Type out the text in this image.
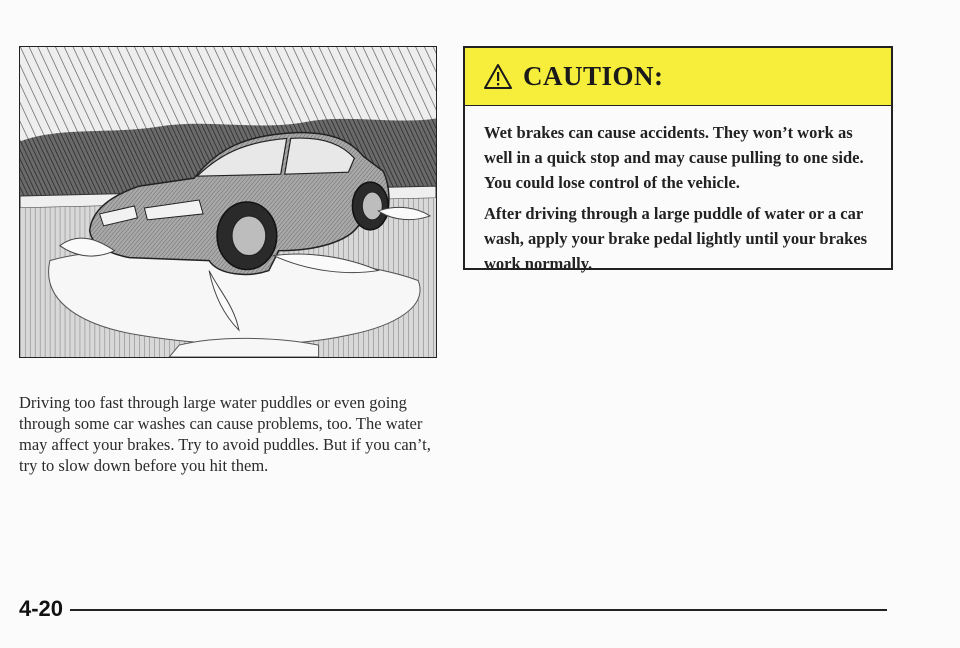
Driving too fast through large water puddles or even going through some car washes can cause problems, too. The water may affect your brakes. Try to avoid puddles. But if you can’t, try to slow down before you hit them.

CAUTION:

Wet brakes can cause accidents. They won’t work as well in a quick stop and may cause pulling to one side. You could lose control of the vehicle.

After driving through a large puddle of water or a car wash, apply your brake pedal lightly until your brakes work normally.

4-20
